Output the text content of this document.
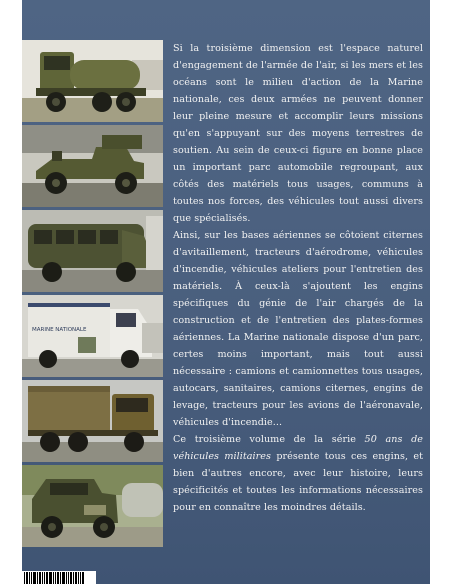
MARINE NATIONALE

Si la troisième dimension est l'espace naturel d'engagement de l'armée de l'air, si les mers et les océans sont le milieu d'action de la Marine nationale, ces deux armées ne peuvent donner leur pleine mesure et accomplir leurs missions qu'en s'appuyant sur des moyens terrestres de soutien. Au sein de ceux-ci figure en bonne place un important parc automobile regroupant, aux côtés des matériels tous usages, communs à toutes nos forces, des véhicules tout aussi divers que spécialisés.

Ainsi, sur les bases aériennes se côtoient citernes d'avitaillement, tracteurs d'aérodrome, véhicules d'incendie, véhicules ateliers pour l'entretien des matériels. À ceux-là s'ajoutent les engins spécifiques du génie de l'air chargés de la construction et de l'entretien des plates-formes aériennes. La Marine nationale dispose d'un parc, certes moins important, mais tout aussi nécessaire : camions et camionnettes tous usages, autocars, sanitaires, camions citernes, engins de levage, tracteurs pour les avions de l'aéronavale, véhicules d'incendie...

Ce troisième volume de la série 50 ans de véhicules militaires présente tous ces engins, et bien d'autres encore, avec leur histoire, leurs spécificités et toutes les informations nécessaires pour en connaître les moindres détails.
